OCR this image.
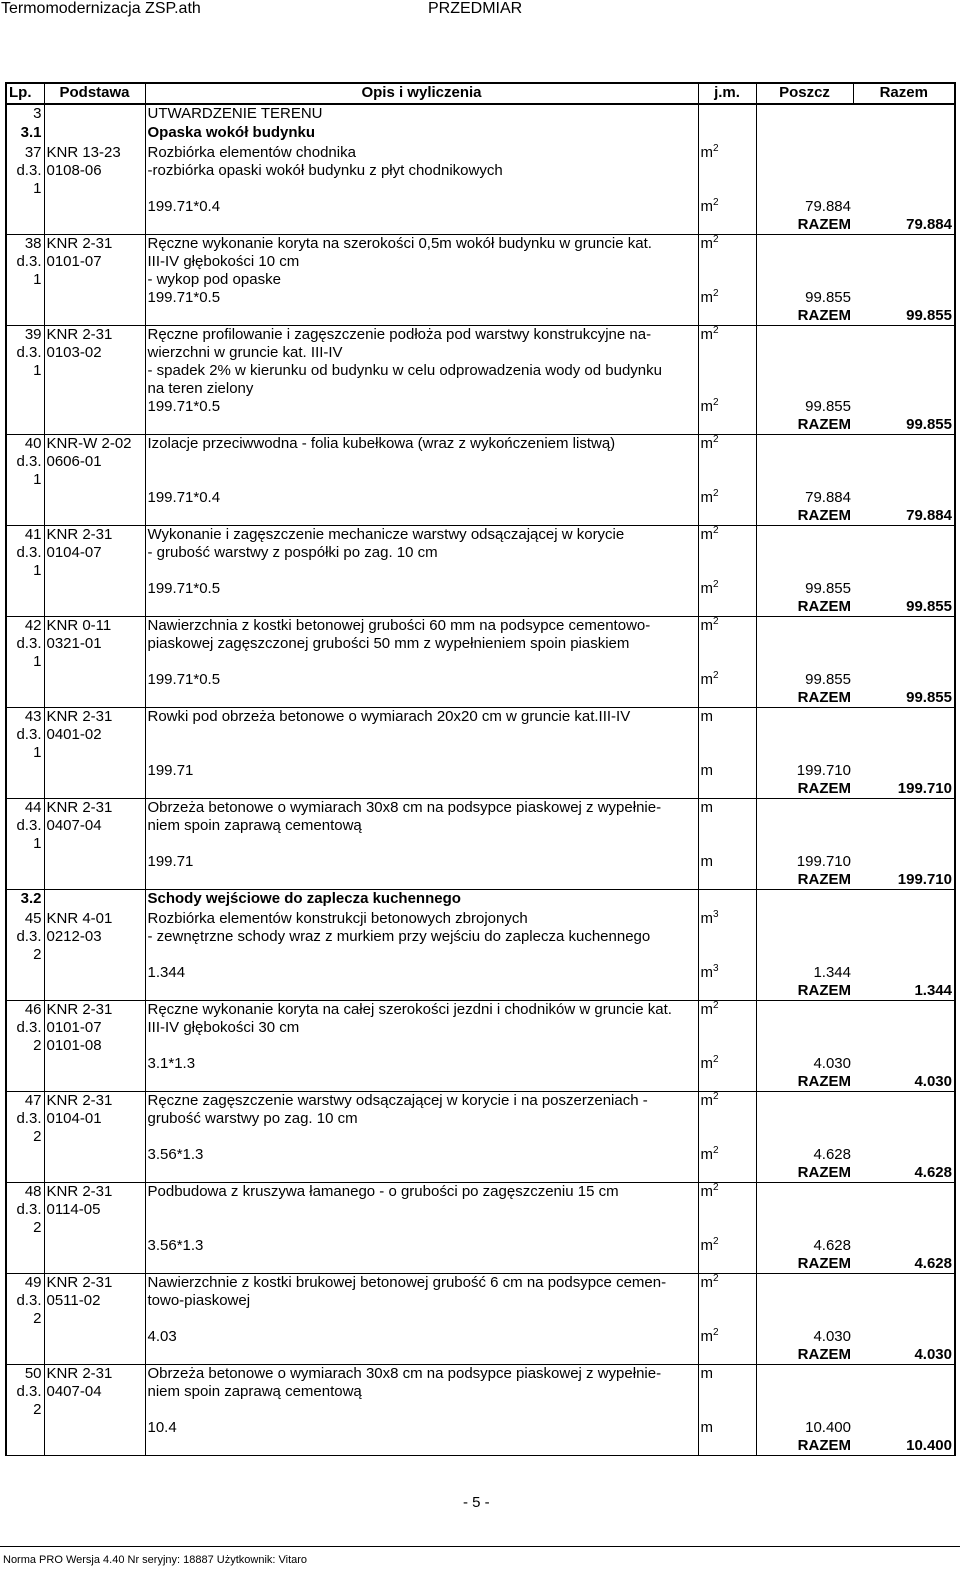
Termomodernizacja ZSP.ath	PRZEDMIAR
Lp.	Podstawa	Opis i wyliczenia	j.m.	Poszcz	Razem
3		UTWARDZENIE TERENU			
3.1		Opaska wokół budynku			
37	KNR 13-23	Rozbiórka elementów chodnika	$m^2$		
d.3.	0108-06	-rozbiórka opaski wokół budynku z płyt chodnikowych			
1					
		199.71*0.4	$m^2$	79.884	
				RAZEM	79.884
38	KNR 2-31	Ręczne wykonanie koryta na szerokości 0,5m wokół budynku w gruncie kat.	$m^2$		
d.3.	0101-07	III-IV głębokości 10 cm			
1		- wykop pod opaske			
		199.71*0.5	$m^2$	99.855	
				RAZEM	99.855
39	KNR 2-31	Ręczne profilowanie i zagęszczenie podłoża pod warstwy konstrukcyjne na-	$m^2$		
d.3.	0103-02	wierzchni w gruncie kat. III-IV			
1		- spadek 2% w kierunku od budynku w celu odprowadzenia wody od budynku			
		na teren zielony			
		199.71*0.5	$m^2$	99.855	
				RAZEM	99.855
40	KNR-W 2-02	Izolacje przeciwwodna - folia kubełkowa (wraz z wykończeniem listwą)	$m^2$		
d.3.	0606-01				
1					
		199.71*0.4	$m^2$	79.884	
				RAZEM	79.884
41	KNR 2-31	Wykonanie i zagęszczenie mechanicze warstwy odsączającej w korycie	$m^2$		
d.3.	0104-07	- grubość warstwy z pospółki po zag. 10 cm			
1					
		199.71*0.5	$m^2$	99.855	
				RAZEM	99.855
42	KNR 0-11	Nawierzchnia z kostki betonowej grubości 60 mm na podsypce cementowo-	$m^2$		
d.3.	0321-01	piaskowej zagęszczonej grubości 50 mm z wypełnieniem spoin piaskiem			
1					
		199.71*0.5	$m^2$	99.855	
				RAZEM	99.855
43	KNR 2-31	Rowki pod obrzeża betonowe o wymiarach 20x20 cm w gruncie kat.III-IV	m		
d.3.	0401-02				
1					
		199.71	m	199.710	
				RAZEM	199.710
44	KNR 2-31	Obrzeża betonowe o wymiarach 30x8 cm na podsypce piaskowej z wypełnie-	m		
d.3.	0407-04	niem spoin zaprawą cementową			
1					
		199.71	m	199.710	
				RAZEM	199.710
3.2		Schody wejściowe do zaplecza kuchennego			
45	KNR 4-01	Rozbiórka elementów konstrukcji betonowych zbrojonych	$m^3$		
d.3.	0212-03	- zewnętrzne schody wraz z murkiem przy wejściu do zaplecza kuchennego			
2					
		1.344	$m^3$	1.344	
				RAZEM	1.344
46	KNR 2-31	Ręczne wykonanie koryta na całej szerokości jezdni i chodników w gruncie kat.	$m^2$		
d.3.	0101-07	III-IV głębokości 30 cm			
2	0101-08				
		3.1*1.3	$m^2$	4.030	
				RAZEM	4.030
47	KNR 2-31	Ręczne zagęszczenie warstwy odsączającej w korycie i na poszerzeniach -	$m^2$		
d.3.	0104-01	grubość warstwy po zag. 10 cm			
2					
		3.56*1.3	$m^2$	4.628	
				RAZEM	4.628
48	KNR 2-31	Podbudowa z kruszywa łamanego - o grubości po zagęszczeniu 15 cm	$m^2$		
d.3.	0114-05				
2					
		3.56*1.3	$m^2$	4.628	
				RAZEM	4.628
49	KNR 2-31	Nawierzchnie z kostki brukowej betonowej grubość 6 cm na podsypce cemen-	$m^2$		
d.3.	0511-02	towo-piaskowej			
2					
		4.03	$m^2$	4.030	
				RAZEM	4.030
50	KNR 2-31	Obrzeża betonowe o wymiarach 30x8 cm na podsypce piaskowej z wypełnie-	m		
d.3.	0407-04	niem spoin zaprawą cementową			
2					
		10.4	m	10.400	
				RAZEM	10.400
- 5 -
Norma PRO Wersja 4.40 Nr seryjny: 18887 Użytkownik: Vitaro
